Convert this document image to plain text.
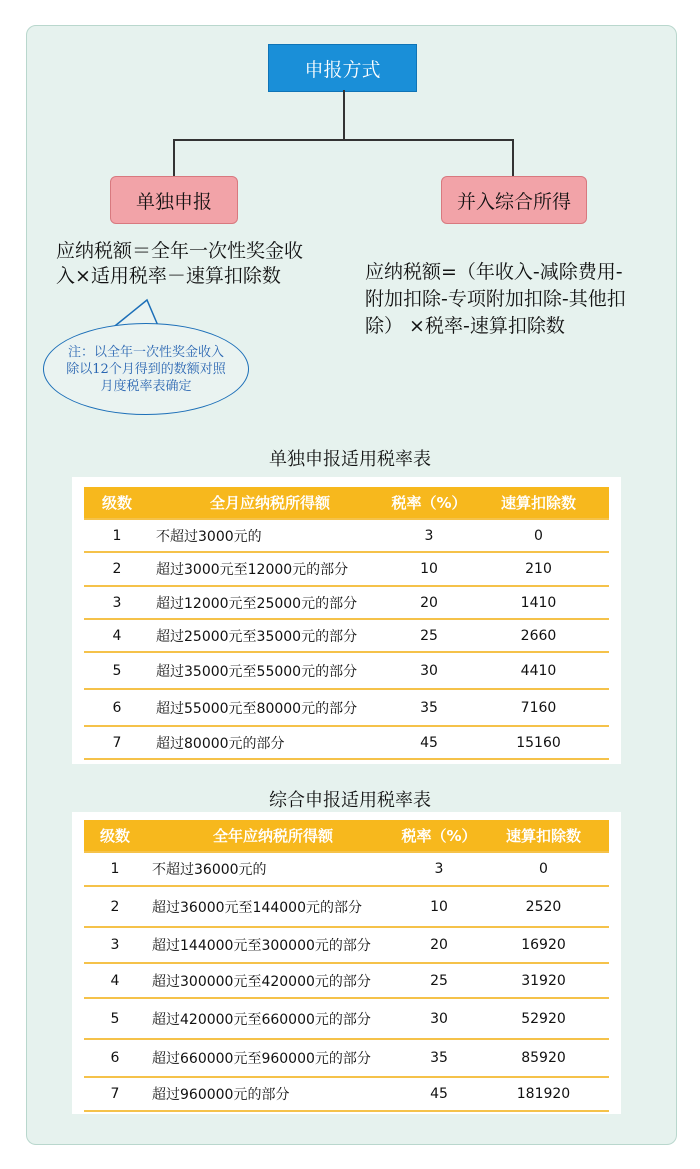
申报方式
单独申报	并入综合所得
应纳税额＝全年一次性奖金收
入×适用税率－速算扣除数	应纳税额=（年收入-减除费用-
附加扣除-专项附加扣除-其他扣
除） ×税率-速算扣除数
注：以全年一次性奖金收入
除以12个月得到的数额对照
月度税率表确定
单独申报适用税率表
级数	全月应纳税所得额	税率（%）	速算扣除数
1	不超过3000元的	3	0
2	超过3000元至12000元的部分	10	210
3	超过12000元至25000元的部分	20	1410
4	超过25000元至35000元的部分	25	2660
5	超过35000元至55000元的部分	30	4410
6	超过55000元至80000元的部分	35	7160
7	超过80000元的部分	45	15160
综合申报适用税率表
级数	全年应纳税所得额	税率（%）	速算扣除数
1	不超过36000元的	3	0
2	超过36000元至144000元的部分	10	2520
3	超过144000元至300000元的部分	20	16920
4	超过300000元至420000元的部分	25	31920
5	超过420000元至660000元的部分	30	52920
6	超过660000元至960000元的部分	35	85920
7	超过960000元的部分	45	181920
